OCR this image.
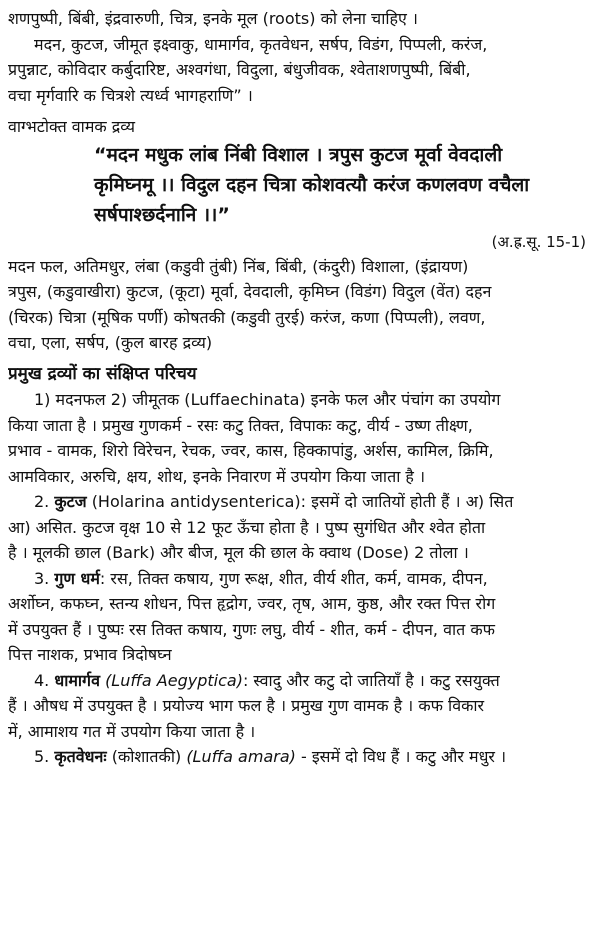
शणपुष्पी, बिंबी, इंद्रवारुणी, चित्र, इनके मूल (roots) को लेना चाहिए ।
मदन, कुटज, जीमूत इक्ष्वाकु, धामार्गव, कृतवेधन, सर्षप, विडंग, पिप्पली, करंज,
प्रपुन्नाट, कोविदार कर्बुदारिष्ट, अश्वगंधा, विदुला, बंधुजीवक, श्वेताशणपुष्पी, बिंबी,
वचा मृर्गवारि क चित्रशे त्यर्ध्व भागहराणि” ।
वाग्भटोक्त वामक द्रव्य
“मदन मधुक लांब निंबी विशाल । त्रपुस कुटज मूर्वा वेवदाली
कृमिघ्नमू ।। विदुल दहन चित्रा कोशवत्यौ करंज कणलवण वचैला
सर्षपाश्छर्दनानि ।।”
(अ.ह्र.सू. 15-1)
मदन फल, अतिमधुर, लंबा (कडुवी तुंबी) निंब, बिंबी, (कंदुरी) विशाला, (इंद्रायण)
त्रपुस, (कडुवाखीरा) कुटज, (कूटा) मूर्वा, देवदाली, कृमिघ्न (विडंग) विदुल (वेंत) दहन
(चिरक) चित्रा (मूषिक पर्णी) कोषतकी (कडुवी तुरई) करंज, कणा (पिप्पली), लवण,
वचा, एला, सर्षप, (कुल बारह द्रव्य)
प्रमुख द्रव्यों का संक्षिप्त परिचय
1) मदनफल 2) जीमूतक (Luffaechinata) इनके फल और पंचांग का उपयोग
किया जाता है । प्रमुख गुणकर्म - रसः कटु तिक्त, विपाकः कटु, वीर्य - उष्ण तीक्ष्ण,
प्रभाव - वामक, शिरो विरेचन, रेचक, ज्वर, कास, हिक्कापांडु, अर्शस, कामिल, क्रिमि,
आमविकार, अरुचि, क्षय, शोथ, इनके निवारण में उपयोग किया जाता है ।
2. कुटज (Holarina antidysenterica): इसमें दो जातियों होती हैं । अ) सित
आ) असित. कुटज वृक्ष 10 से 12 फूट ऊँचा होता है । पुष्प सुगंधित और श्वेत होता
है । मूलकी छाल (Bark) और बीज, मूल की छाल के क्वाथ (Dose) 2 तोला ।
3. गुण धर्म: रस, तिक्त कषाय, गुण रूक्ष, शीत, वीर्य शीत, कर्म, वामक, दीपन,
अर्शोघ्न, कफघ्न, स्तन्य शोधन, पित्त हृद्रोग, ज्वर, तृष, आम, कुष्ठ, और रक्त पित्त रोग
में उपयुक्त हैं । पुष्पः रस तिक्त कषाय, गुणः लघु, वीर्य - शीत, कर्म - दीपन, वात कफ
पित्त नाशक, प्रभाव त्रिदोषघ्न
4. धामार्गव (Luffa Aegyptica): स्वादु और कटु दो जातियाँ है । कटु रसयुक्त
हैं । औषध में उपयुक्त है । प्रयोज्य भाग फल है । प्रमुख गुण वामक है । कफ विकार
में, आमाशय गत में उपयोग किया जाता है ।
5. कृतवेधनः (कोशातकी) (Luffa amara) - इसमें दो विध हैं । कटु और मधुर ।
